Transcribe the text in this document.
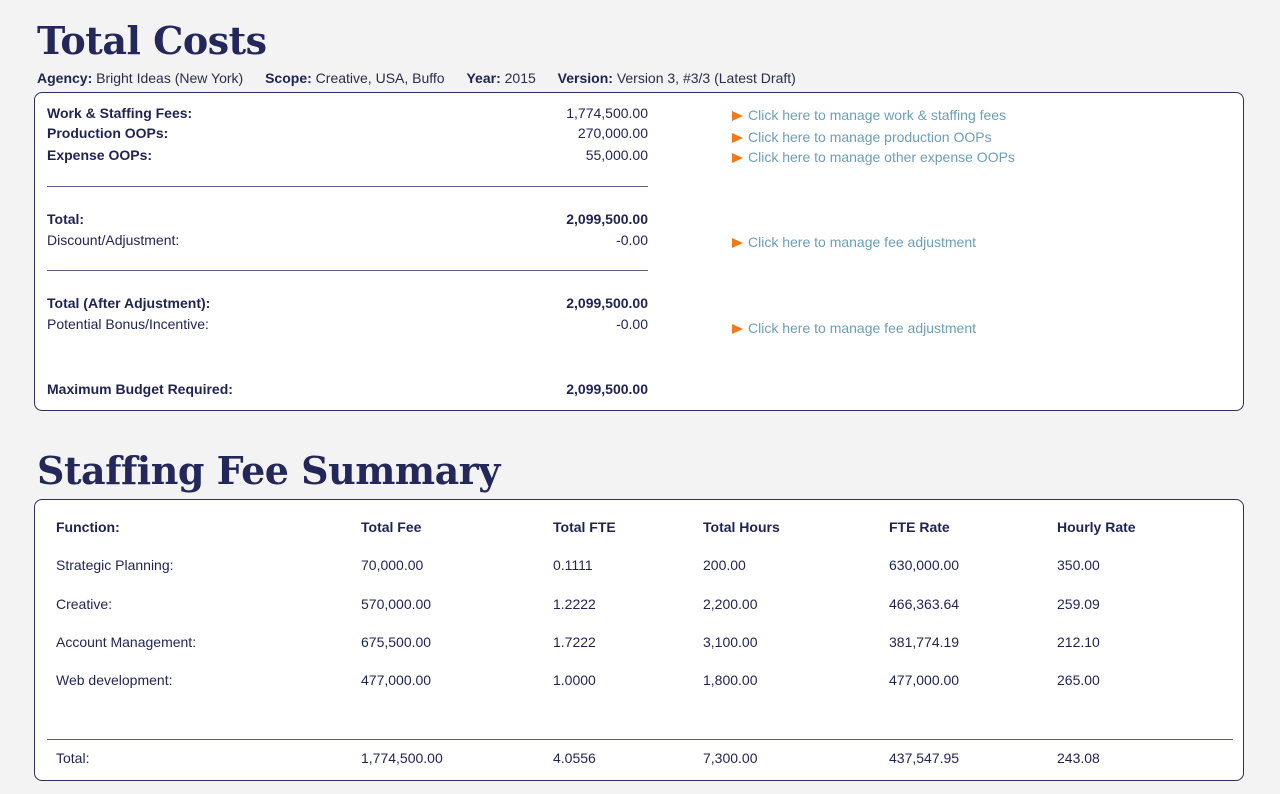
Total Costs
Agency: Bright Ideas (New York) Scope: Creative, USA, Buffo Year: 2015 Version: Version 3, #3/3 (Latest Draft)
Work & Staffing Fees:	1,774,500.00
Production OOPs:	270,000.00
Expense OOPs:	55,000.00
Total:	2,099,500.00
Discount/Adjustment:	-0.00
Total (After Adjustment):	2,099,500.00
Potential Bonus/Incentive:	-0.00
Maximum Budget Required:	2,099,500.00
Click here to manage work & staffing fees
Click here to manage production OOPs
Click here to manage other expense OOPs
Click here to manage fee adjustment
Click here to manage fee adjustment
Staffing Fee Summary
Function:	Total Fee	Total FTE	Total Hours	FTE Rate	Hourly Rate
Strategic Planning:	70,000.00	0.1111	200.00	630,000.00	350.00
Creative:	570,000.00	1.2222	2,200.00	466,363.64	259.09
Account Management:	675,500.00	1.7222	3,100.00	381,774.19	212.10
Web development:	477,000.00	1.0000	1,800.00	477,000.00	265.00
Total:	1,774,500.00	4.0556	7,300.00	437,547.95	243.08
